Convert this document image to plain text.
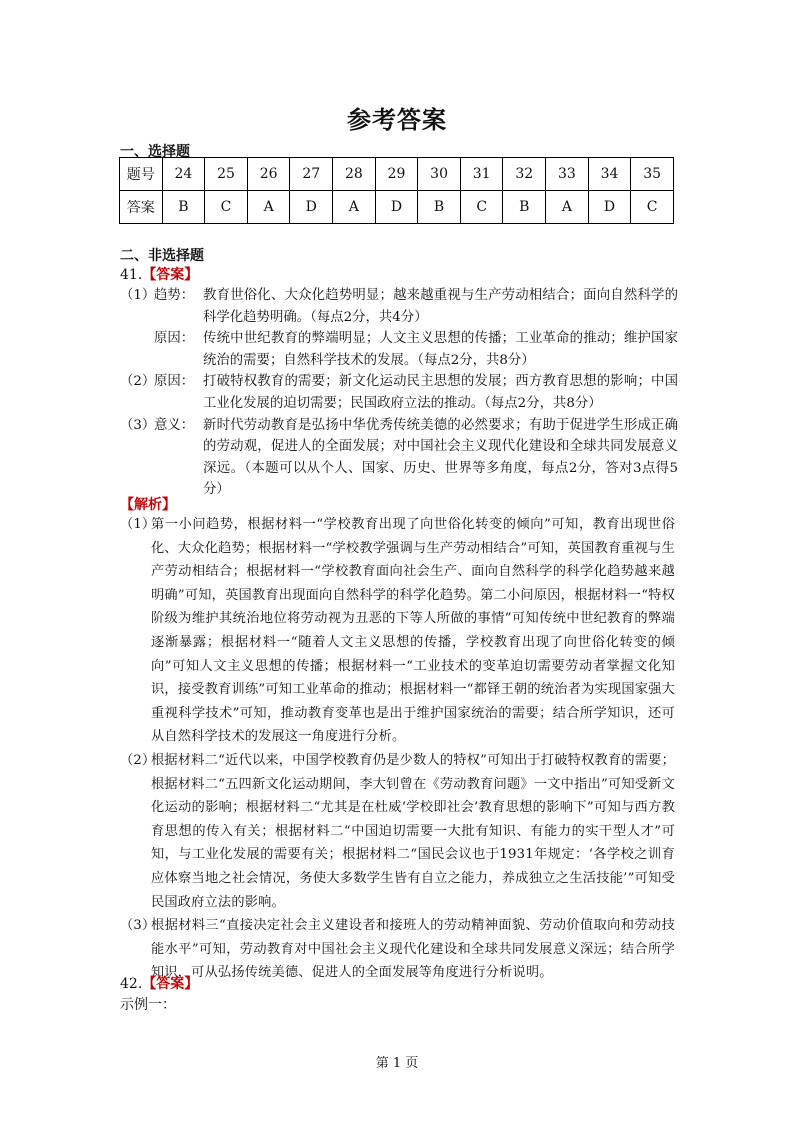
参考答案
一、选择题
题号	24	25	26	27	28	29	30	31	32	33	34	35
答案	B	C	A	D	A	D	B	C	B	A	D	C
二、非选择题
41.【答案】
（1）
趋势： 教育世俗化、大众化趋势明显；越来越重视与生产劳动相结合；面向自然科学的科学化趋势明确。（每点2分，共4分）
原因： 传统中世纪教育的弊端明显；人文主义思想的传播；工业革命的推动；维护国家统治的需要；自然科学技术的发展。（每点2分，共8分）
（2）
原因： 打破特权教育的需要；新文化运动民主思想的发展；西方教育思想的影响；中国工业化发展的迫切需要；民国政府立法的推动。（每点2分，共8分）
（3）
意义： 新时代劳动教育是弘扬中华优秀传统美德的必然要求；有助于促进学生形成正确的劳动观，促进人的全面发展；对中国社会主义现代化建设和全球共同发展意义深远。（本题可以从个人、国家、历史、世界等多角度，每点2分，答对3点得5分）
【解析】
（1）
第一小问趋势，根据材料一“学校教育出现了向世俗化转变的倾向”可知，教育出现世俗化、大众化趋势；根据材料一“学校教学强调与生产劳动相结合”可知，英国教育重视与生产劳动相结合；根据材料一“学校教育面向社会生产、面向自然科学的科学化趋势越来越明确”可知，英国教育出现面向自然科学的科学化趋势。第二小问原因，根据材料一“特权阶级为维护其统治地位将劳动视为丑恶的下等人所做的事情”可知传统中世纪教育的弊端逐渐暴露；根据材料一“随着人文主义思想的传播，学校教育出现了向世俗化转变的倾向”可知人文主义思想的传播；根据材料一“工业技术的变革迫切需要劳动者掌握文化知识，接受教育训练”可知工业革命的推动；根据材料一“都铎王朝的统治者为实现国家强大重视科学技术”可知，推动教育变革也是出于维护国家统治的需要；结合所学知识，还可从自然科学技术的发展这一角度进行分析。
（2）
根据材料二“近代以来，中国学校教育仍是少数人的特权”可知出于打破特权教育的需要；根据材料二“五四新文化运动期间，李大钊曾在《劳动教育问题》一文中指出”可知受新文化运动的影响；根据材料二“尤其是在杜威‘学校即社会’教育思想的影响下”可知与西方教育思想的传入有关；根据材料二“中国迫切需要一大批有知识、有能力的实干型人才”可知，与工业化发展的需要有关；根据材料二“国民会议也于1931年规定：‘各学校之训育应体察当地之社会情况，务使大多数学生皆有自立之能力，养成独立之生活技能’”可知受民国政府立法的影响。
（3）
根据材料三“直接决定社会主义建设者和接班人的劳动精神面貌、劳动价值取向和劳动技能水平”可知，劳动教育对中国社会主义现代化建设和全球共同发展意义深远；结合所学知识，可从弘扬传统美德、促进人的全面发展等角度进行分析说明。
42.【答案】
示例一：
第 1 页
